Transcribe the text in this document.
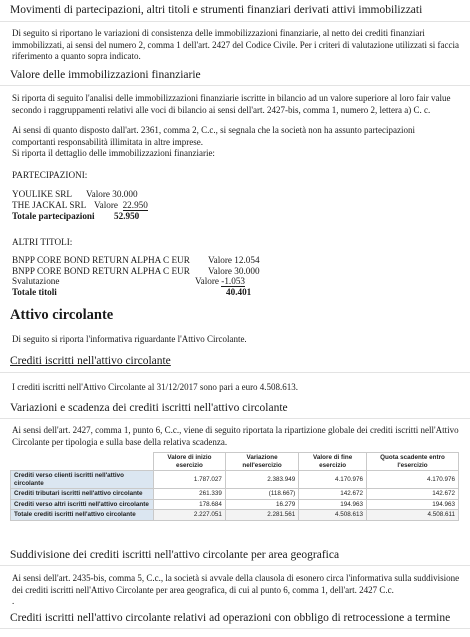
Movimenti di partecipazioni, altri titoli e strumenti finanziari derivati attivi immobilizzati
Di seguito si riportano le variazioni di consistenza delle immobilizzazioni finanziarie, al netto dei crediti finanziari immobilizzati, ai sensi del numero 2, comma 1 dell'art. 2427 del Codice Civile. Per i criteri di valutazione utilizzati si faccia riferimento a quanto sopra indicato.
Valore delle immobilizzazioni finanziarie
Si riporta di seguito l'analisi delle immobilizzazioni finanziarie iscritte in bilancio ad un valore superiore al loro fair value secondo i raggruppamenti relativi alle voci di bilancio ai sensi dell'art. 2427-bis, comma 1, numero 2, lettera a) C. c.
Ai sensi di quanto disposto dall'art. 2361, comma 2, C.c., si segnala che la società non ha assunto partecipazioni comportanti responsabilità illimitata in altre imprese.
Si riporta il dettaglio delle immobilizzazioni finanziarie:
PARTECIPAZIONI:
YOULIKE SRL Valore 30.000
THE JACKAL SRL Valore 22.950
Totale partecipazioni 52.950
ALTRI TITOLI:
BNPP CORE BOND RETURN ALPHA C EUR Valore 12.054
BNPP CORE BOND RETURN ALPHA C EUR Valore 30.000
Svalutazione	Valore -1.053
Totale titoli	40.401
Attivo circolante
Di seguito si riporta l'informativa riguardante l'Attivo Circolante.
Crediti iscritti nell'attivo circolante
I crediti iscritti nell'Attivo Circolante al 31/12/2017 sono pari a euro 4.508.613.
Variazioni e scadenza dei crediti iscritti nell'attivo circolante
Ai sensi dell'art. 2427, comma 1, punto 6, C.c., viene di seguito riportata la ripartizione globale dei crediti iscritti nell'Attivo Circolante per tipologia e sulla base della relativa scadenza.
	Valore di inizio esercizio	Variazione nell'esercizio	Valore di fine esercizio	Quota scadente entro l'esercizio
Crediti verso clienti iscritti nell'attivo circolante	1.787.027	2.383.949	4.170.976	4.170.976
Crediti tributari iscritti nell'attivo circolante	261.339	(118.667)	142.672	142.672
Crediti verso altri iscritti nell'attivo circolante	178.684	16.279	194.963	194.963
Totale crediti iscritti nell'attivo circolante	2.227.051	2.281.561	4.508.613	4.508.611
Suddivisione dei crediti iscritti nell'attivo circolante per area geografica
Ai sensi dell'art. 2435-bis, comma 5, C.c., la società si avvale della clausola di esonero circa l'informativa sulla suddivisione dei crediti iscritti nell'Attivo Circolante per area geografica, di cui al punto 6, comma 1, dell'art. 2427 C.c.
.
Crediti iscritti nell'attivo circolante relativi ad operazioni con obbligo di retrocessione a termine
